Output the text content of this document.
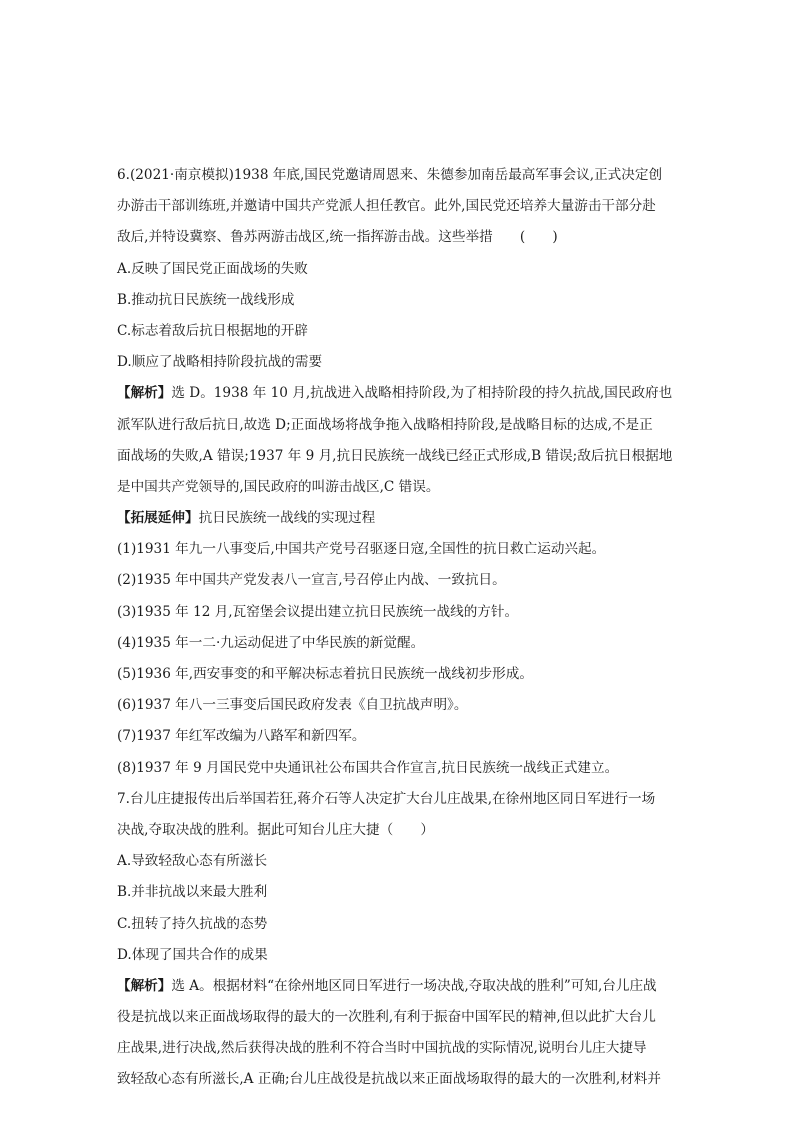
6.(2021·南京模拟)1938 年底,国民党邀请周恩来、朱德参加南岳最高军事会议,正式决定创
办游击干部训练班,并邀请中国共产党派人担任教官。此外,国民党还培养大量游击干部分赴
敌后,并特设冀察、鲁苏两游击战区,统一指挥游击战。这些举措　　(　　)
A.反映了国民党正面战场的失败
B.推动抗日民族统一战线形成
C.标志着敌后抗日根据地的开辟
D.顺应了战略相持阶段抗战的需要
【解析】选 D。1938 年 10 月,抗战进入战略相持阶段,为了相持阶段的持久抗战,国民政府也
派军队进行敌后抗日,故选 D;正面战场将战争拖入战略相持阶段,是战略目标的达成,不是正
面战场的失败,A 错误;1937 年 9 月,抗日民族统一战线已经正式形成,B 错误;敌后抗日根据地
是中国共产党领导的,国民政府的叫游击战区,C 错误。
【拓展延伸】抗日民族统一战线的实现过程
(1)1931 年九一八事变后,中国共产党号召驱逐日寇,全国性的抗日救亡运动兴起。
(2)1935 年中国共产党发表八一宣言,号召停止内战、一致抗日。
(3)1935 年 12 月,瓦窑堡会议提出建立抗日民族统一战线的方针。
(4)1935 年一二·九运动促进了中华民族的新觉醒。
(5)1936 年,西安事变的和平解决标志着抗日民族统一战线初步形成。
(6)1937 年八一三事变后国民政府发表《自卫抗战声明》。
(7)1937 年红军改编为八路军和新四军。
(8)1937 年 9 月国民党中央通讯社公布国共合作宣言,抗日民族统一战线正式建立。
7.台儿庄捷报传出后举国若狂,蒋介石等人决定扩大台儿庄战果,在徐州地区同日军进行一场
决战,夺取决战的胜利。据此可知台儿庄大捷（　　）
A.导致轻敌心态有所滋长
B.并非抗战以来最大胜利
C.扭转了持久抗战的态势
D.体现了国共合作的成果
【解析】选 A。根据材料“在徐州地区同日军进行一场决战,夺取决战的胜利”可知,台儿庄战
役是抗战以来正面战场取得的最大的一次胜利,有利于振奋中国军民的精神,但以此扩大台儿
庄战果,进行决战,然后获得决战的胜利不符合当时中国抗战的实际情况,说明台儿庄大捷导
致轻敌心态有所滋长,A 正确;台儿庄战役是抗战以来正面战场取得的最大的一次胜利,材料并
